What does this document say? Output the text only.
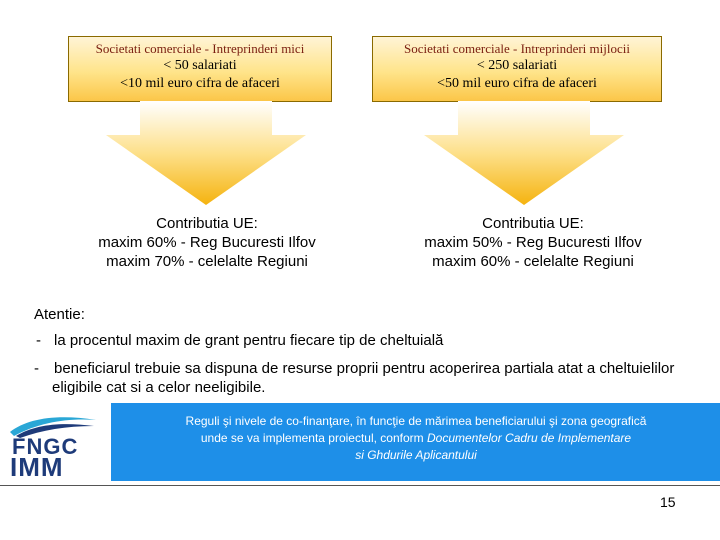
Societati comerciale - Intreprinderi mici
< 50 salariati
<10 mil euro cifra de afaceri
Societati comerciale - Intreprinderi mijlocii
< 250 salariati
<50 mil euro cifra de afaceri
Contributia UE:
maxim 60% - Reg Bucuresti Ilfov
maxim 70% - celelalte Regiuni
Contributia UE:
maxim 50% - Reg Bucuresti Ilfov
maxim 60% - celelalte Regiuni
Atentie:
- la procentul maxim de grant pentru fiecare tip de cheltuială
-	beneficiarul trebuie sa dispuna de resurse proprii pentru acoperirea partiala atat a cheltuielilor eligibile cat si a celor neeligibile.
FNGC
IMM
Reguli şi nivele de co-finanţare, în funcţie de mărimea beneficiarului şi zona geografică
unde se va implementa proiectul, conform Documentelor Cadru de Implementare
si Ghdurile Aplicantului
15
